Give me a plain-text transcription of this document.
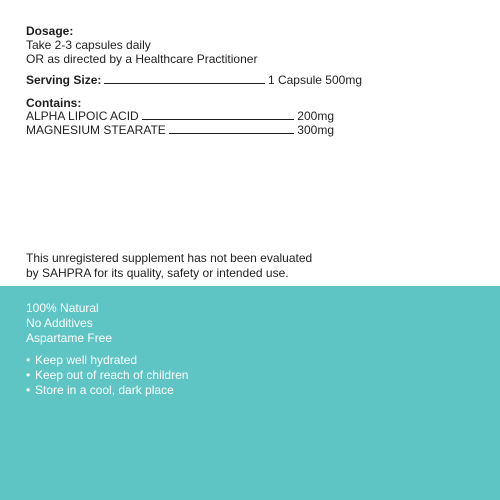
Dosage:
Take 2-3 capsules daily
OR as directed by a Healthcare Practitioner
Serving Size:	1 Capsule 500mg
Contains:
ALPHA LIPOIC ACID	200mg
MAGNESIUM STEARATE	300mg
This unregistered supplement has not been evaluated
by SAHPRA for its quality, safety or intended use.
100% Natural
No Additives
Aspartame Free
• Keep well hydrated
• Keep out of reach of children
• Store in a cool, dark place
